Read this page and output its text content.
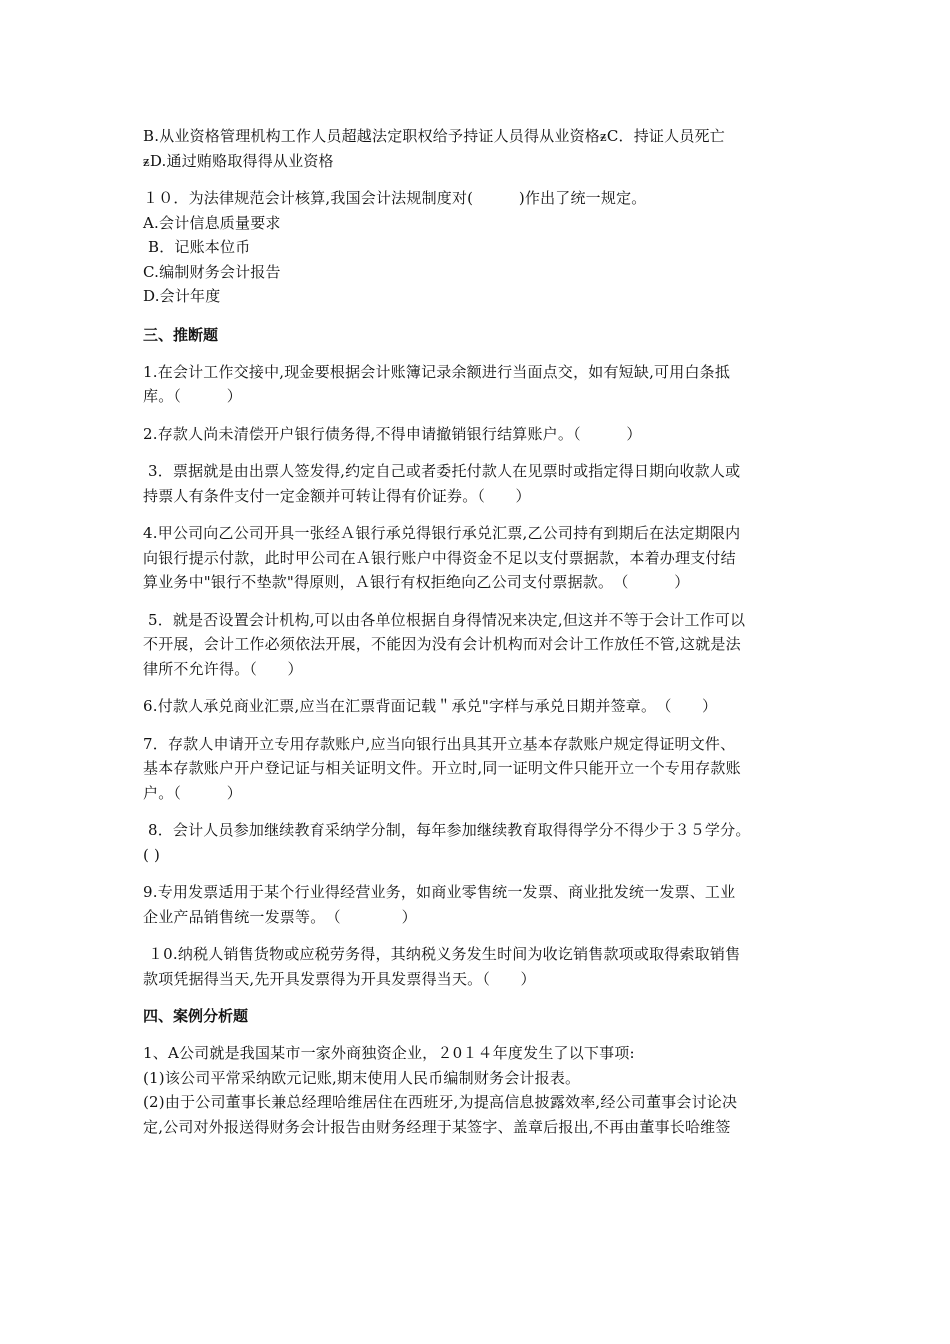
B.从业资格管理机构工作人员超越法定职权给予持证人员得从业资格ᵶC．持证人员死亡
ᵶD.通过贿赂取得得从业资格
１０．为法律规范会计核算,我国会计法规制度对(　　　)作出了统一规定。
A.会计信息质量要求
B．记账本位币
C.编制财务会计报告
D.会计年度
三、推断题
1.在会计工作交接中,现金要根据会计账簿记录余额进行当面点交，如有短缺,可用白条抵
库。（　　　）
2.存款人尚未清偿开户银行债务得,不得申请撤销银行结算账户。（　　　）
3．票据就是由出票人签发得,约定自己或者委托付款人在见票时或指定得日期向收款人或
持票人有条件支付一定金额并可转让得有价证券。（　　）
4.甲公司向乙公司开具一张经Ａ银行承兑得银行承兑汇票,乙公司持有到期后在法定期限内
向银行提示付款，此时甲公司在Ａ银行账户中得资金不足以支付票据款，本着办理支付结
算业务中"银行不垫款"得原则，Ａ银行有权拒绝向乙公司支付票据款。　（　　　）
5．就是否设置会计机构,可以由各单位根据自身得情况来决定,但这并不等于会计工作可以
不开展，会计工作必须依法开展，不能因为没有会计机构而对会计工作放任不管,这就是法
律所不允许得。（　　）
6.付款人承兑商业汇票,应当在汇票背面记载＂承兑"字样与承兑日期并签章。　（　　）
7．存款人申请开立专用存款账户,应当向银行出具其开立基本存款账户规定得证明文件、
基本存款账户开户登记证与相关证明文件。开立时,同一证明文件只能开立一个专用存款账
户。（　　　）
8．会计人员参加继续教育采纳学分制，每年参加继续教育取得得学分不得少于３５学分。
( )
9.专用发票适用于某个行业得经营业务，如商业零售统一发票、商业批发统一发票、工业
企业产品销售统一发票等。　（　　　　）
１0.纳税人销售货物或应税劳务得，其纳税义务发生时间为收讫销售款项或取得索取销售
款项凭据得当天,先开具发票得为开具发票得当天。（　　）
四、案例分析题
1、A公司就是我国某市一家外商独资企业，２0１４年度发生了以下事项:
(1)该公司平常采纳欧元记账,期末使用人民币编制财务会计报表。
(2)由于公司董事长兼总经理哈维居住在西班牙,为提高信息披露效率,经公司董事会讨论决
定,公司对外报送得财务会计报告由财务经理于某签字、盖章后报出,不再由董事长哈维签
